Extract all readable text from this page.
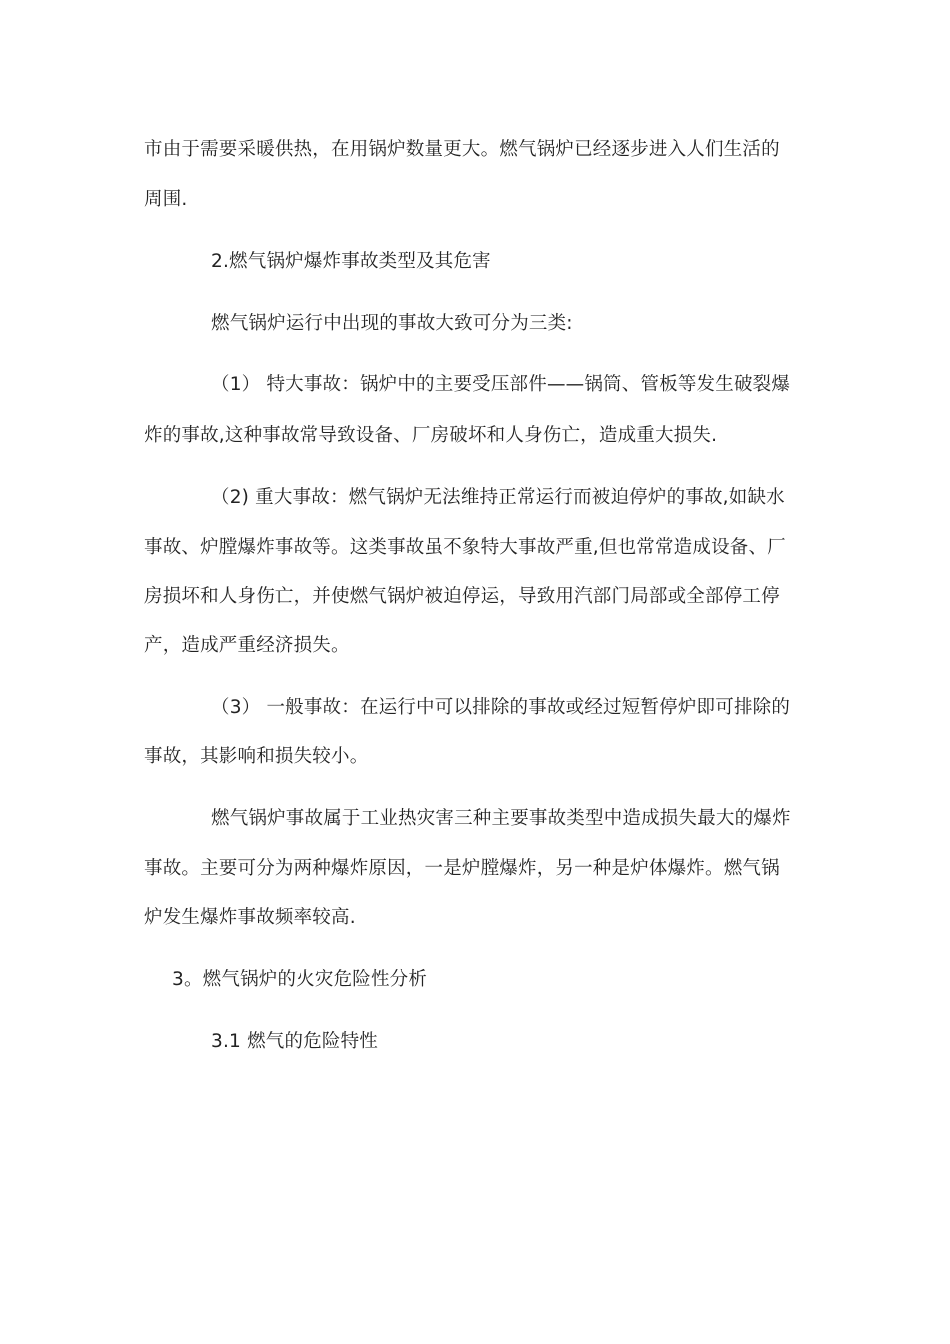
市由于需要采暖供热，在用锅炉数量更大。燃气锅炉已经逐步进入人们生活的
周围.
2.燃气锅炉爆炸事故类型及其危害
燃气锅炉运行中出现的事故大致可分为三类:
（1） 特大事故：锅炉中的主要受压部件——锅筒、管板等发生破裂爆
炸的事故,这种事故常导致设备、厂房破坏和人身伤亡，造成重大损失.
（2) 重大事故：燃气锅炉无法维持正常运行而被迫停炉的事故,如缺水
事故、炉膛爆炸事故等。这类事故虽不象特大事故严重,但也常常造成设备、厂
房损坏和人身伤亡，并使燃气锅炉被迫停运，导致用汽部门局部或全部停工停
产，造成严重经济损失。
（3） 一般事故：在运行中可以排除的事故或经过短暂停炉即可排除的
事故，其影响和损失较小。
燃气锅炉事故属于工业热灾害三种主要事故类型中造成损失最大的爆炸
事故。主要可分为两种爆炸原因，一是炉膛爆炸，另一种是炉体爆炸。燃气锅
炉发生爆炸事故频率较高.
3。燃气锅炉的火灾危险性分析
3.1 燃气的危险特性
